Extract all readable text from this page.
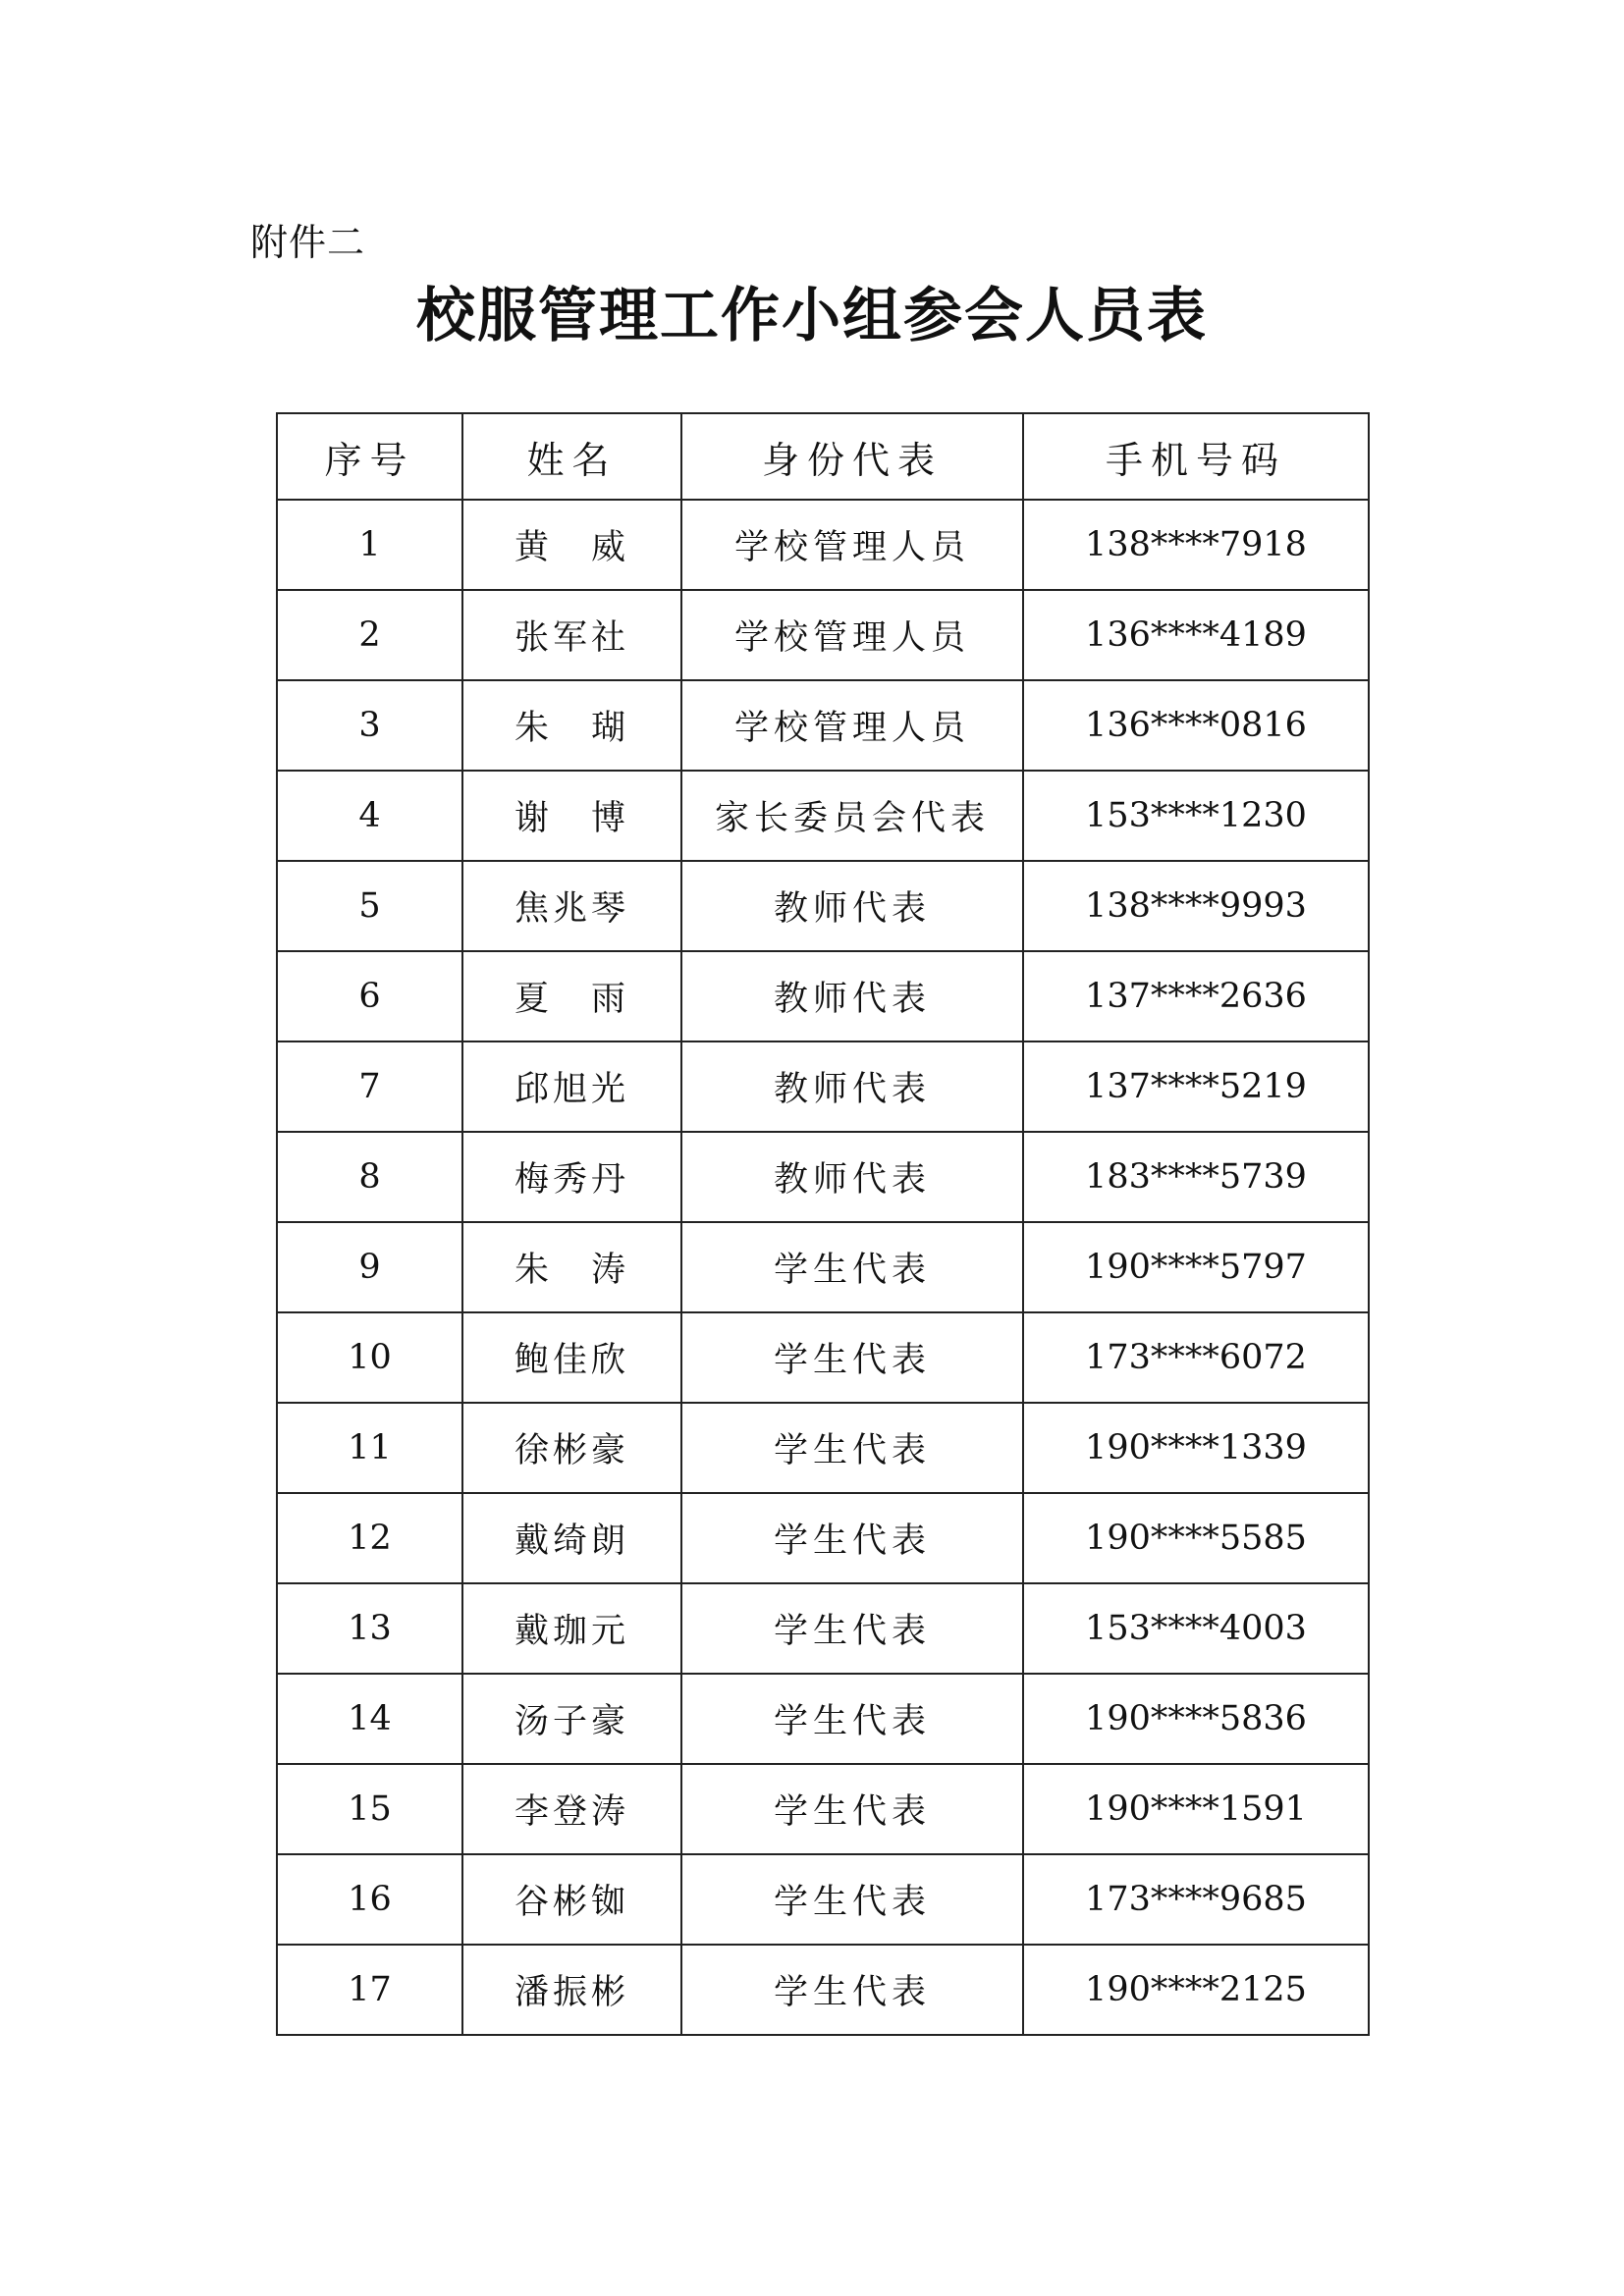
附件二
校服管理工作小组参会人员表
序号	姓名	身份代表	手机号码
1	黄　威	学校管理人员	138****7918
2	张军社	学校管理人员	136****4189
3	朱　瑚	学校管理人员	136****0816
4	谢　博	家长委员会代表	153****1230
5	焦兆琴	教师代表	138****9993
6	夏　雨	教师代表	137****2636
7	邱旭光	教师代表	137****5219
8	梅秀丹	教师代表	183****5739
9	朱　涛	学生代表	190****5797
10	鲍佳欣	学生代表	173****6072
11	徐彬豪	学生代表	190****1339
12	戴绮朗	学生代表	190****5585
13	戴珈元	学生代表	153****4003
14	汤子豪	学生代表	190****5836
15	李登涛	学生代表	190****1591
16	谷彬铷	学生代表	173****9685
17	潘振彬	学生代表	190****2125
